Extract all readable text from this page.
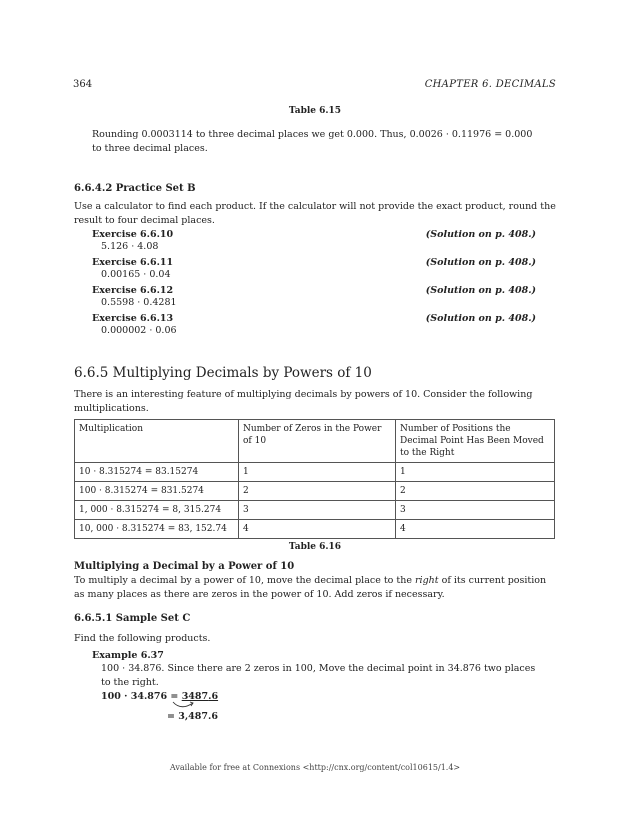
364	CHAPTER 6. DECIMALS
Table 6.15
Rounding 0.0003114 to three decimal places we get 0.000. Thus, 0.0026 · 0.11976 = 0.000 to three decimal places.
6.6.4.2 Practice Set B
Use a calculator to find each product. If the calculator will not provide the exact product, round the result to four decimal places.
Exercise 6.6.10	(Solution on p. 408.)
5.126 · 4.08
Exercise 6.6.11	(Solution on p. 408.)
0.00165 · 0.04
Exercise 6.6.12	(Solution on p. 408.)
0.5598 · 0.4281
Exercise 6.6.13	(Solution on p. 408.)
0.000002 · 0.06
6.6.5 Multiplying Decimals by Powers of 10
There is an interesting feature of multiplying decimals by powers of 10. Consider the following multiplications.
Multiplication	Number of Zeros in the Power of 10	Number of Positions the Decimal Point Has Been Moved to the Right
10 · 8.315274 = 83.15274	1	1
100 · 8.315274 = 831.5274	2	2
1, 000 · 8.315274 = 8, 315.274	3	3
10, 000 · 8.315274 = 83, 152.74	4	4
Table 6.16
Multiplying a Decimal by a Power of 10
To multiply a decimal by a power of 10, move the decimal place to the right of its current position as many places as there are zeros in the power of 10. Add zeros if necessary.
6.6.5.1 Sample Set C
Find the following products.
Example 6.37
100 · 34.876. Since there are 2 zeros in 100, Move the decimal point in 34.876 two places to the right.
100 · 34.876 = 3487.6
= 3,487.6
Available for free at Connexions <http://cnx.org/content/col10615/1.4>
